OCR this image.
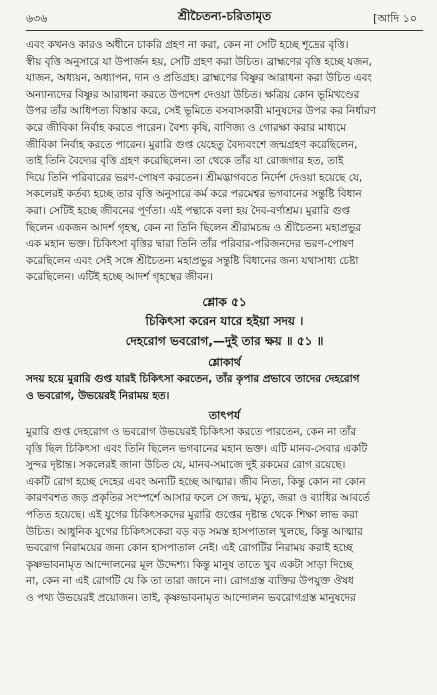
৬৩৬	শ্রীচৈতন্য-চরিতামৃত	[আদি ১০

এবং কখনও কারও অধীনে চাকরি গ্রহণ না করা, কেন না সেটি হচ্ছে শূদ্রের বৃত্তি।

স্বীয় বৃত্তি অনুসারে যা উপার্জন হয়, সেটি গ্রহণ করা উচিত। ব্রাহ্মণের বৃত্তি হচ্ছে যজন,

যাজন, অধ্যয়ন, অধ্যাপন, দান ও প্রতিগ্রহ। ব্রাহ্মণের বিষ্ণুর আরাধনা করা উচিত এবং

অন্যান্যদের বিষ্ণুর আরাধনা করতে উপদেশ দেওয়া উচিত। ক্ষত্রিয় কোন ভূমিখণ্ডের

উপর তাঁর আধিপত্য বিস্তার করে, সেই ভূমিতে বসবাসকারী মানুষদের উপর কর নির্ধারণ

করে জীবিকা নির্বাহ করতে পারেন। বৈশ্য কৃষি, বাণিজ্য ও গোরক্ষা করার মাধ্যমে

জীবিকা নির্বাহ করতে পারেন। মুরারি গুপ্ত যেহেতু বৈদ্যবংশে জন্মগ্রহণ করেছিলেন,

তাই তিনি বৈদ্যের বৃত্তি গ্রহণ করেছিলেন। তা থেকে তাঁর যা রোজগার হত, তাই

দিয়ে তিনি পরিবারের ভরণ-পোষণ করতেন। শ্রীমদ্ভাগবতে নির্দেশ দেওয়া হয়েছে যে,

সকলেরই কর্তব্য হচ্ছে তার বৃত্তি অনুসারে কর্ম করে পরমেশ্বর ভগবানের সন্তুষ্টি বিধান

করা। সেটিই হচ্ছে জীবনের পূর্ণতা। এই পন্থাকে বলা হয় দৈব-বর্ণাশ্রম। মুরারি গুপ্ত

ছিলেন একজন আদর্শ গৃহস্থ, কেন না তিনি ছিলেন শ্রীরামচন্দ্র ও শ্রীচৈতন্য মহাপ্রভুর

এক মহান ভক্ত। চিকিৎসা বৃত্তির দ্বারা তিনি তাঁর পরিবার-পরিজনদের ভরণ-পোষণ

করেছিলেন এবং সেই সঙ্গে শ্রীচৈতন্য মহাপ্রভুর সন্তুষ্টি বিধানের জন্য যথাসাধ্য চেষ্টা

করেছিলেন। এটিই হচ্ছে আদর্শ গৃহস্থের জীবন।

শ্লোক ৫১
চিকিৎসা করেন যারে হইয়া সদয় ।
দেহরোগ ভবরোগ,—দুই তার ক্ষয় ॥ ৫১ ॥
শ্লোকার্থ

সদয় হয়ে মুরারি গুপ্ত যারই চিকিৎসা করতেন, তাঁর কৃপার প্রভাবে তাদের দেহরোগ

ও ভবরোগ, উভয়েরই নিরাময় হত।

তাৎপর্য

মুরারি গুপ্ত দেহরোগ ও ভবরোগ উভয়েরই চিকিৎসা করতে পারতেন, কেন না তাঁর

বৃত্তি ছিল চিকিৎসা এবং তিনি ছিলেন ভগবানের মহান ভক্ত। এটি মানব-সেবার একটি

সুন্দর দৃষ্টান্ত। সকলেরই জানা উচিত যে, মানব-সমাজে দুই রকমের রোগ রয়েছে।

একটি রোগ হচ্ছে দেহের এবং অন্যটি হচ্ছে আত্মার। জীব নিত্য, কিন্তু কোন না কোন

কারণবশত জড় প্রকৃতির সংস্পর্শে আসার ফলে সে জন্ম, মৃত্যু, জরা ও ব্যাধির আবর্তে

পতিত হয়েছে। এই যুগের চিকিৎসকদের মুরারি গুপ্তের দৃষ্টান্ত থেকে শিক্ষা লাভ করা

উচিত। আধুনিক যুগের চিকিৎসকেরা বড় বড় সমস্ত হাসপাতাল খুলছে, কিন্তু আত্মার

ভবরোগ নিরাময়ের জন্য কোন হাসপাতাল নেই। এই রোগটির নিরাময় করাই হচ্ছে

কৃষ্ণভাবনামৃত আন্দোলনের মূল উদ্দেশ্য। কিন্তু মানুষ তাতে খুব একটা সাড়া দিচ্ছে

না, কেন না এই রোগটি যে কি তা তারা জানে না। রোগগ্রস্ত ব্যক্তির উপযুক্ত ঔষধ

ও পথ্য উভয়েরই প্রয়োজন। তাই, কৃষ্ণভাবনামৃত আন্দোলন ভবরোগগ্রস্ত মানুষদের
